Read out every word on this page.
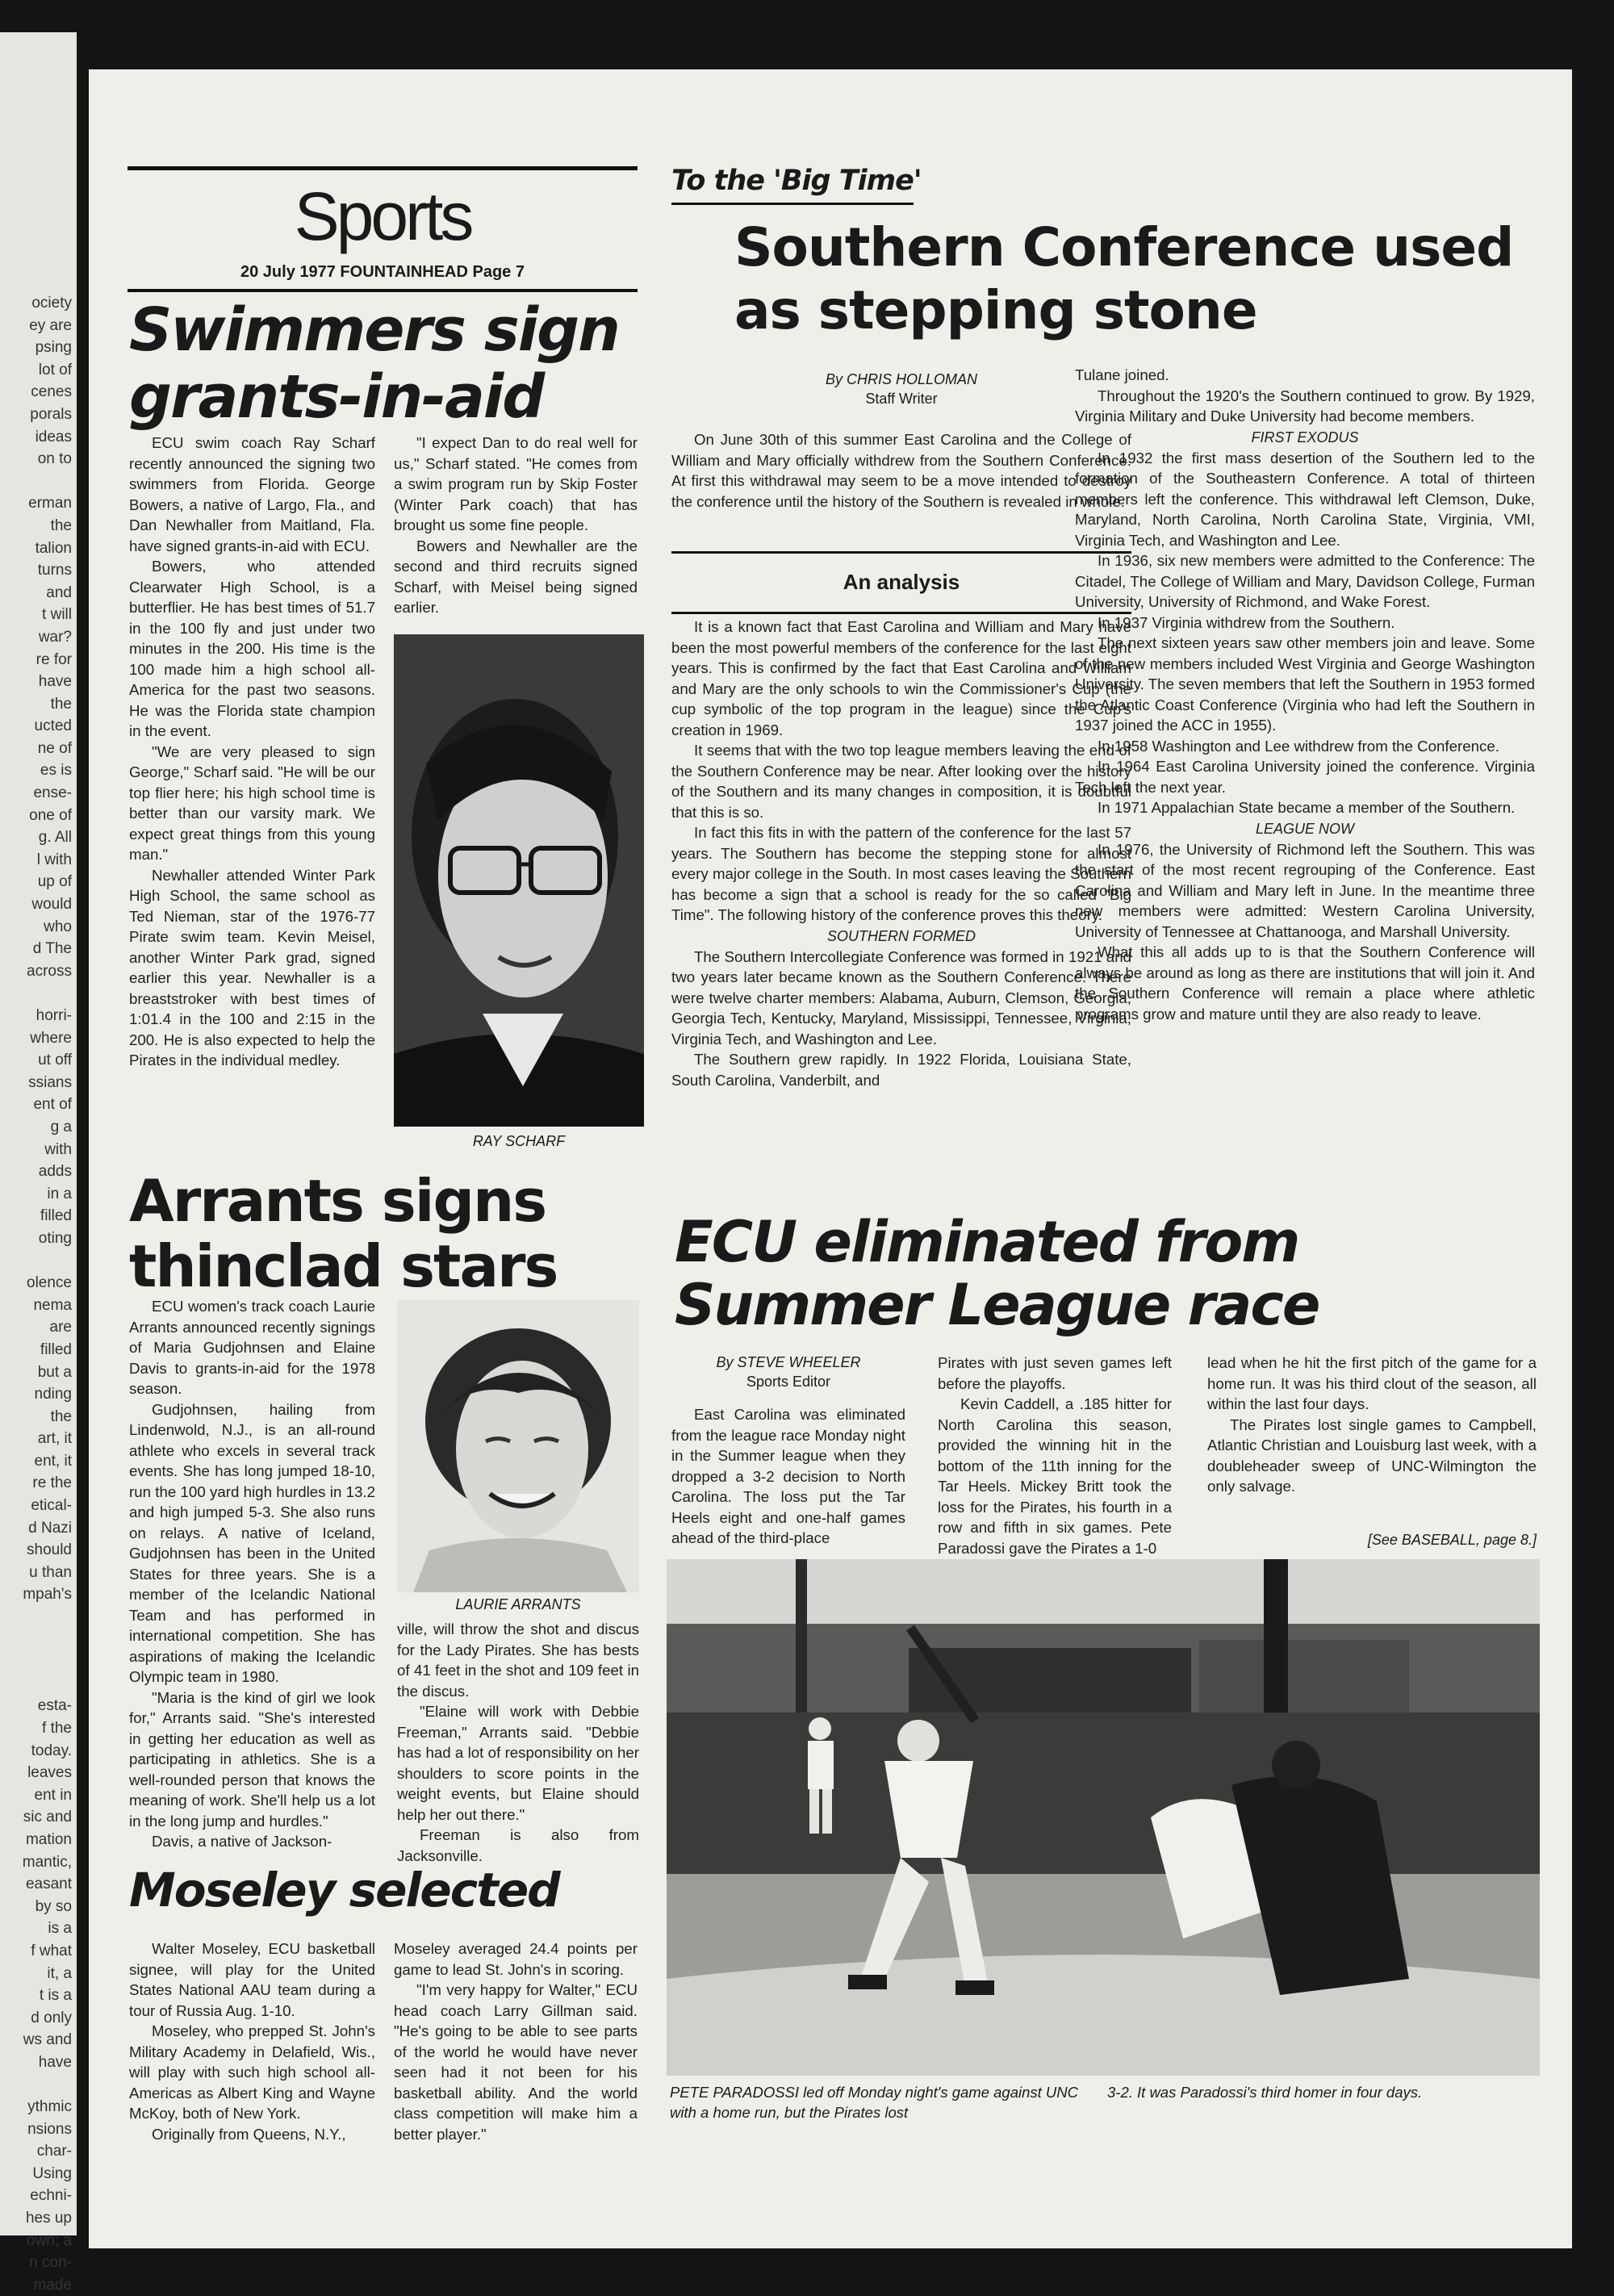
ociety
ey are
psing
lot of
cenes
porals
ideas
on to

erman
the
talion
turns
and
t will
war?
re for
have
the
ucted
ne of
es is
ense-
one of
g. All
l with
up of
would
who
d The
across

horri-
where
ut off
ssians
ent of
g a
with
adds
in a
filled
oting

olence
nema
are
filled
but a
nding
the
art, it
ent, it
re the
etical-
d Nazi
should
u than
mpah's

esta-
f the
today.
leaves
ent in
sic and
mation
mantic,
easant
by so
is a
f what
it, a
t is a
d only
ws and
have

ythmic
nsions
char-
Using
echni-
hes up
own; a
n con-
made
Sports
20 July 1977 FOUNTAINHEAD Page 7
Swimmers sign grants-in-aid

ECU swim coach Ray Scharf recently announced the signing two swimmers from Florida. George Bowers, a native of Largo, Fla., and Dan Newhaller from Maitland, Fla. have signed grants-in-aid with ECU.

Bowers, who attended Clearwater High School, is a butterflier. He has best times of 51.7 in the 100 fly and just under two minutes in the 200. His time is the 100 made him a high school all-America for the past two seasons. He was the Florida state champion in the event.

"We are very pleased to sign George," Scharf said. "He will be our top flier here; his high school time is better than our varsity mark. We expect great things from this young man."

Newhaller attended Winter Park High School, the same school as Ted Nieman, star of the 1976-77 Pirate swim team. Kevin Meisel, another Winter Park grad, signed earlier this year. Newhaller is a breaststroker with best times of 1:01.4 in the 100 and 2:15 in the 200. He is also expected to help the Pirates in the individual medley.

"I expect Dan to do real well for us," Scharf stated. "He comes from a swim program run by Skip Foster (Winter Park coach) that has brought us some fine people.

Bowers and Newhaller are the second and third recruits signed Scharf, with Meisel being signed earlier.

RAY SCHARF
Arrants signs thinclad stars

ECU women's track coach Laurie Arrants announced recently signings of Maria Gudjohnsen and Elaine Davis to grants-in-aid for the 1978 season.

Gudjohnsen, hailing from Lindenwold, N.J., is an all-round athlete who excels in several track events. She has long jumped 18-10, run the 100 yard high hurdles in 13.2 and high jumped 5-3. She also runs on relays. A native of Iceland, Gudjohnsen has been in the United States for three years. She is a member of the Icelandic National Team and has performed in international competition. She has aspirations of making the Icelandic Olympic team in 1980.

"Maria is the kind of girl we look for," Arrants said. "She's interested in getting her education as well as participating in athletics. She is a well-rounded person that knows the meaning of work. She'll help us a lot in the long jump and hurdles."

Davis, a native of Jackson-

LAURIE ARRANTS

ville, will throw the shot and discus for the Lady Pirates. She has bests of 41 feet in the shot and 109 feet in the discus.

"Elaine will work with Debbie Freeman," Arrants said. "Debbie has had a lot of responsibility on her shoulders to score points in the weight events, but Elaine should help her out there."

Freeman is also from Jacksonville.

Moseley selected

Walter Moseley, ECU basketball signee, will play for the United States National AAU team during a tour of Russia Aug. 1-10.

Moseley, who prepped St. John's Military Academy in Delafield, Wis., will play with such high school all-Americas as Albert King and Wayne McKoy, both of New York.

Originally from Queens, N.Y.,

Moseley averaged 24.4 points per game to lead St. John's in scoring.

"I'm very happy for Walter," ECU head coach Larry Gillman said. "He's going to be able to see parts of the world he would have never seen had it not been for his basketball ability. And the world class competition will make him a better player."

To the 'Big Time'
Southern Conference used as stepping stone
By CHRIS HOLLOMAN
Staff Writer

On June 30th of this summer East Carolina and the College of William and Mary officially withdrew from the Southern Conference. At first this withdrawal may seem to be a move intended to destroy the conference until the history of the Southern is revealed in whole.

An analysis

It is a known fact that East Carolina and William and Mary have been the most powerful members of the conference for the last eight years. This is confirmed by the fact that East Carolina and William and Mary are the only schools to win the Commissioner's Cup (the cup symbolic of the top program in the league) since the Cup's creation in 1969.

It seems that with the two top league members leaving the end of the Southern Conference may be near. After looking over the history of the Southern and its many changes in composition, it is doubtful that this is so.

In fact this fits in with the pattern of the conference for the last 57 years. The Southern has become the stepping stone for almost every major college in the South. In most cases leaving the Southern has become a sign that a school is ready for the so called "Big Time". The following history of the conference proves this theory.

SOUTHERN FORMED

The Southern Intercollegiate Conference was formed in 1921 and two years later became known as the Southern Conference. There were twelve charter members: Alabama, Auburn, Clemson, Georgia, Georgia Tech, Kentucky, Maryland, Mississippi, Tennessee, Virginia, Virginia Tech, and Washington and Lee.

The Southern grew rapidly. In 1922 Florida, Louisiana State, South Carolina, Vanderbilt, and

Tulane joined.

Throughout the 1920's the Southern continued to grow. By 1929, Virginia Military and Duke University had become members.

FIRST EXODUS

In 1932 the first mass desertion of the Southern led to the formation of the Southeastern Conference. A total of thirteen members left the conference. This withdrawal left Clemson, Duke, Maryland, North Carolina, North Carolina State, Virginia, VMI, Virginia Tech, and Washington and Lee.

In 1936, six new members were admitted to the Conference: The Citadel, The College of William and Mary, Davidson College, Furman University, University of Richmond, and Wake Forest.

In 1937 Virginia withdrew from the Southern.

The next sixteen years saw other members join and leave. Some of the new members included West Virginia and George Washington University. The seven members that left the Southern in 1953 formed the Atlantic Coast Conference (Virginia who had left the Southern in 1937 joined the ACC in 1955).

In 1958 Washington and Lee withdrew from the Conference.

In 1964 East Carolina University joined the conference. Virginia Tech left the next year.

In 1971 Appalachian State became a member of the Southern.

LEAGUE NOW

In 1976, the University of Richmond left the Southern. This was the start of the most recent regrouping of the Conference. East Carolina and William and Mary left in June. In the meantime three new members were admitted: Western Carolina University, University of Tennessee at Chattanooga, and Marshall University.

What this all adds up to is that the Southern Conference will always be around as long as there are institutions that will join it. And the Southern Conference will remain a place where athletic programs grow and mature until they are also ready to leave.

ECU eliminated from Summer League race
By STEVE WHEELER
Sports Editor

East Carolina was eliminated from the league race Monday night in the Summer league when they dropped a 3-2 decision to North Carolina. The loss put the Tar Heels eight and one-half games ahead of the third-place

Pirates with just seven games left before the playoffs.

Kevin Caddell, a .185 hitter for North Carolina this season, provided the winning hit in the bottom of the 11th inning for the Tar Heels. Mickey Britt took the loss for the Pirates, his fourth in a row and fifth in six games. Pete Paradossi gave the Pirates a 1-0

lead when he hit the first pitch of the game for a home run. It was his third clout of the season, all within the last four days.

The Pirates lost single games to Campbell, Atlantic Christian and Louisburg last week, with a doubleheader sweep of UNC-Wilmington the only salvage.

[See BASEBALL, page 8.]
PETE PARADOSSI led off Monday night's game against UNC with a home run, but the Pirates lost
3-2. It was Paradossi's third homer in four days.
